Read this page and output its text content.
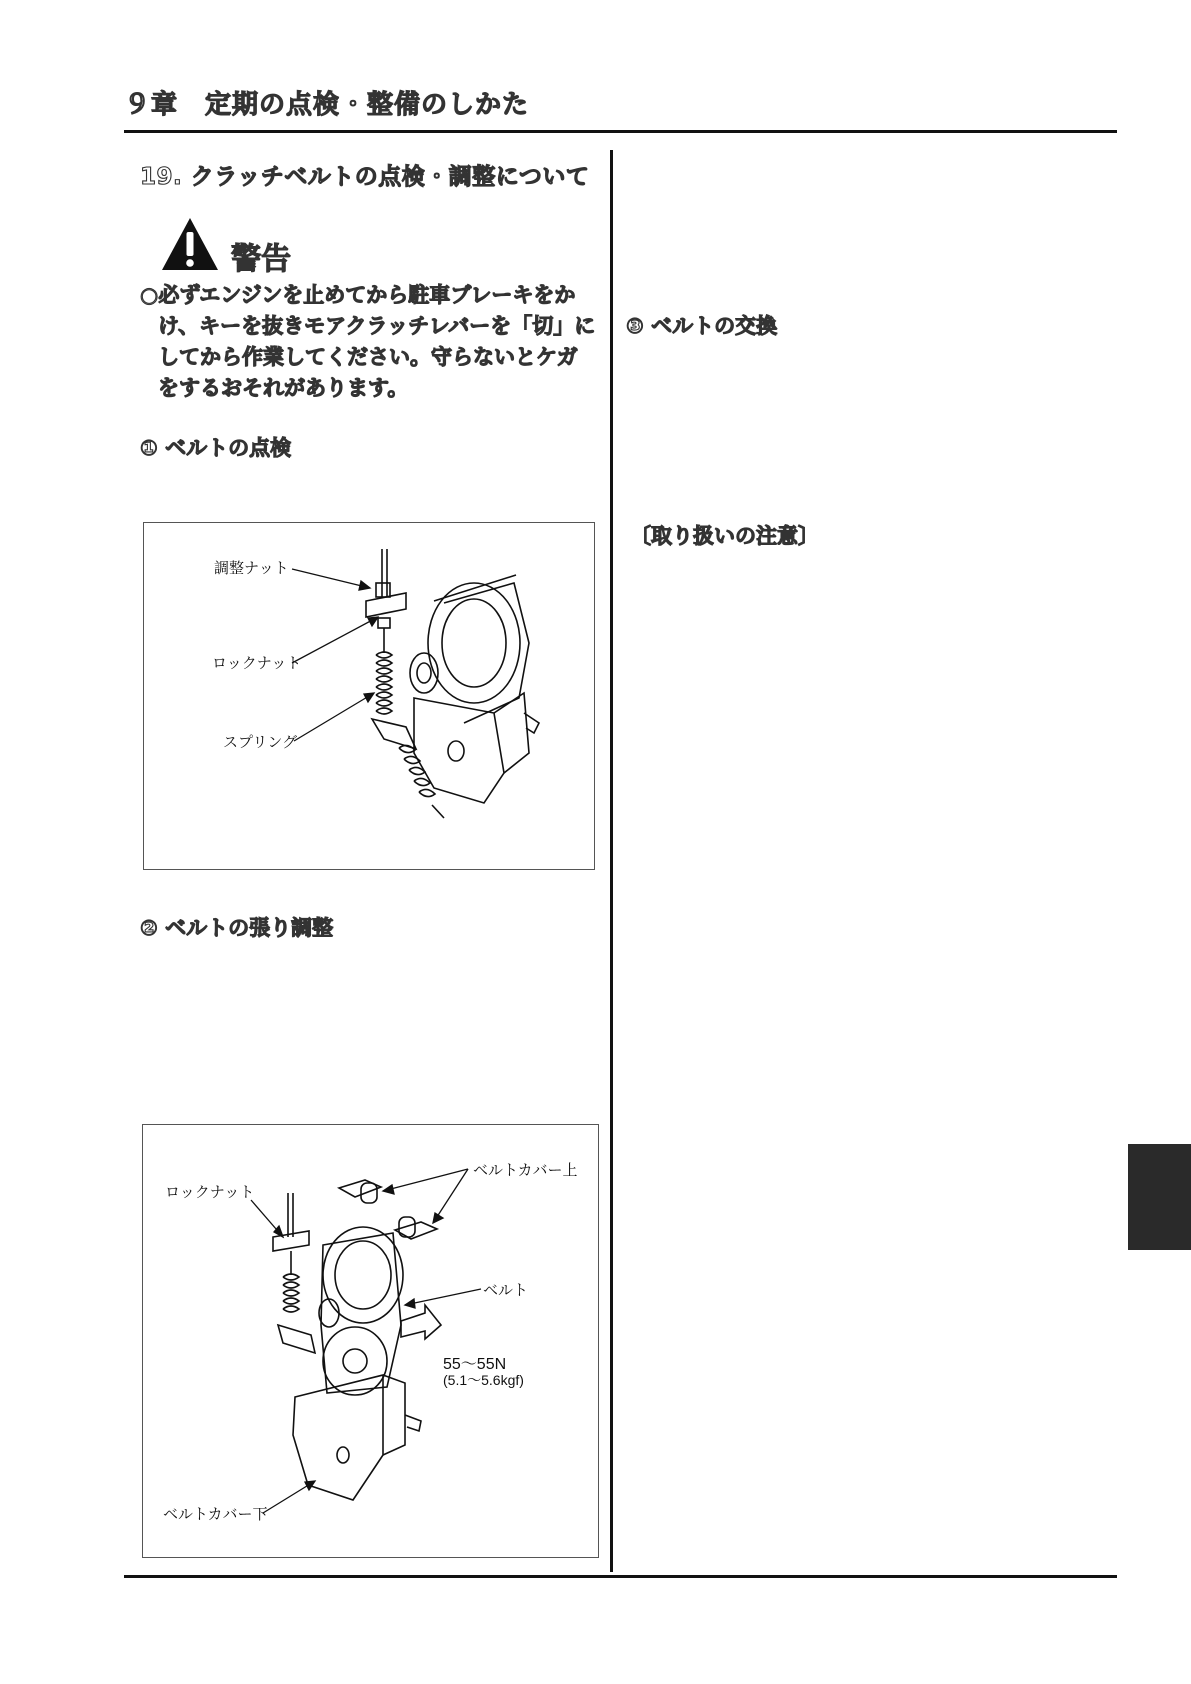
９章　定期の点検・整備のしかた
19. クラッチベルトの点検・調整について
警告
○必ずエンジンを止めてから駐車ブレーキをか
け、キーを抜きモアクラッチレバーを「切」に
してから作業してください。守らないとケガ
をするおそれがあります。
① ベルトの点検
調整ナット
ロックナット
スプリング
② ベルトの張り調整
ロックナット
ベルトカバー上
ベルト
55〜55N
(5.1〜5.6kgf)
ベルトカバー下
③ ベルトの交換
〔取り扱いの注意〕
